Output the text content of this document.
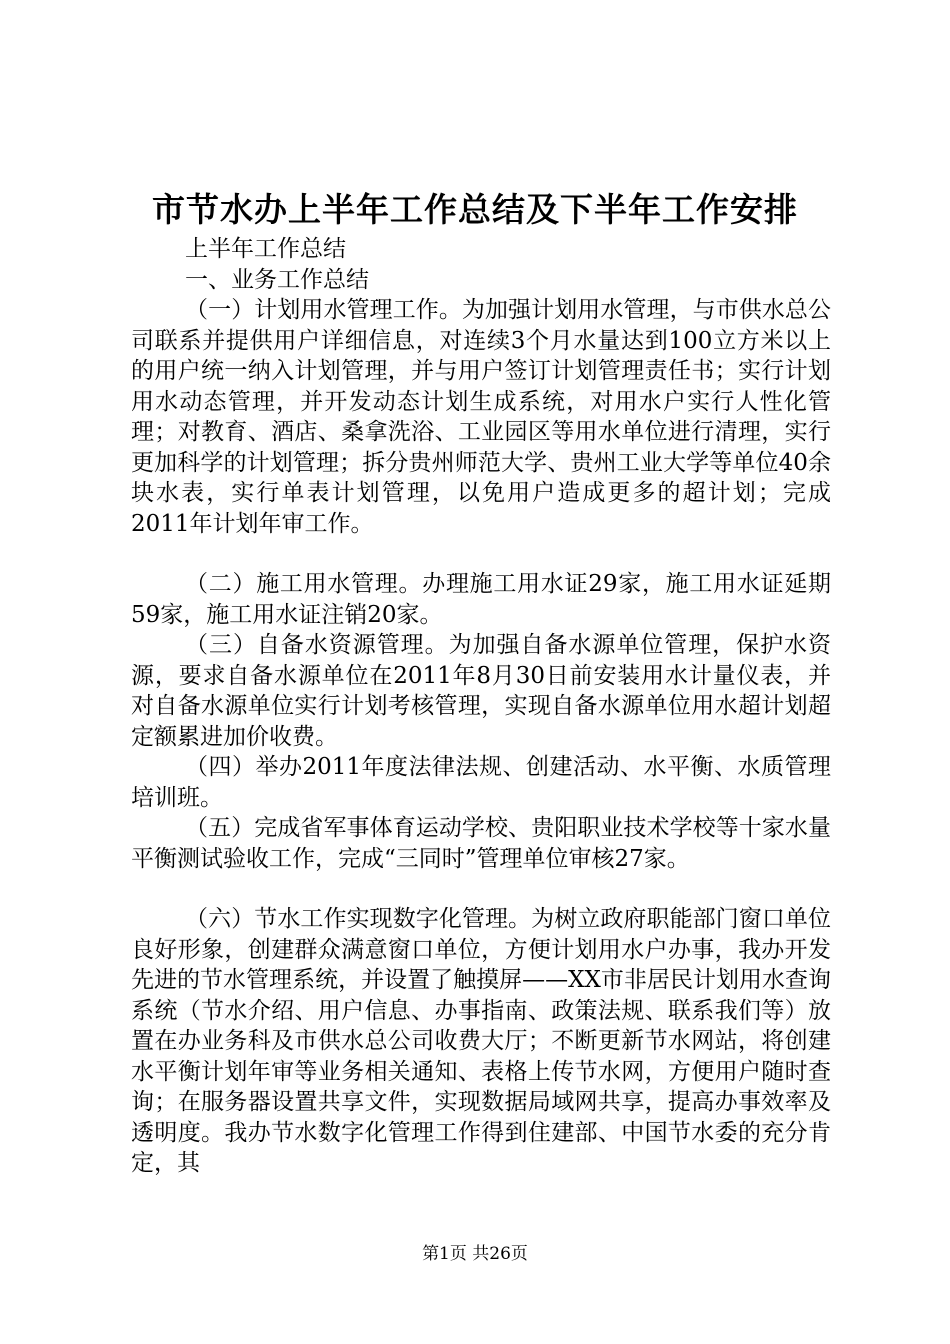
市节水办上半年工作总结及下半年工作安排

上半年工作总结

一、业务工作总结

（一）计划用水管理工作。为加强计划用水管理，与市供水总公司联系并提供用户详细信息，对连续3个月水量达到100立方米以上的用户统一纳入计划管理，并与用户签订计划管理责任书；实行计划用水动态管理，并开发动态计划生成系统，对用水户实行人性化管理；对教育、酒店、桑拿洗浴、工业园区等用水单位进行清理，实行更加科学的计划管理；拆分贵州师范大学、贵州工业大学等单位40余块水表，实行单表计划管理，以免用户造成更多的超计划；完成2011年计划年审工作。

（二）施工用水管理。办理施工用水证29家，施工用水证延期59家，施工用水证注销20家。

（三）自备水资源管理。为加强自备水源单位管理，保护水资源，要求自备水源单位在2011年8月30日前安装用水计量仪表，并对自备水源单位实行计划考核管理，实现自备水源单位用水超计划超定额累进加价收费。

（四）举办2011年度法律法规、创建活动、水平衡、水质管理培训班。

（五）完成省军事体育运动学校、贵阳职业技术学校等十家水量平衡测试验收工作，完成“三同时”管理单位审核27家。

（六）节水工作实现数字化管理。为树立政府职能部门窗口单位良好形象，创建群众满意窗口单位，方便计划用水户办事，我办开发先进的节水管理系统，并设置了触摸屏——XX市非居民计划用水查询系统（节水介绍、用户信息、办事指南、政策法规、联系我们等）放置在办业务科及市供水总公司收费大厅；不断更新节水网站，将创建水平衡计划年审等业务相关通知、表格上传节水网，方便用户随时查询；在服务器设置共享文件，实现数据局域网共享，提高办事效率及透明度。我办节水数字化管理工作得到住建部、中国节水委的充分肯定，其

第1页 共26页
